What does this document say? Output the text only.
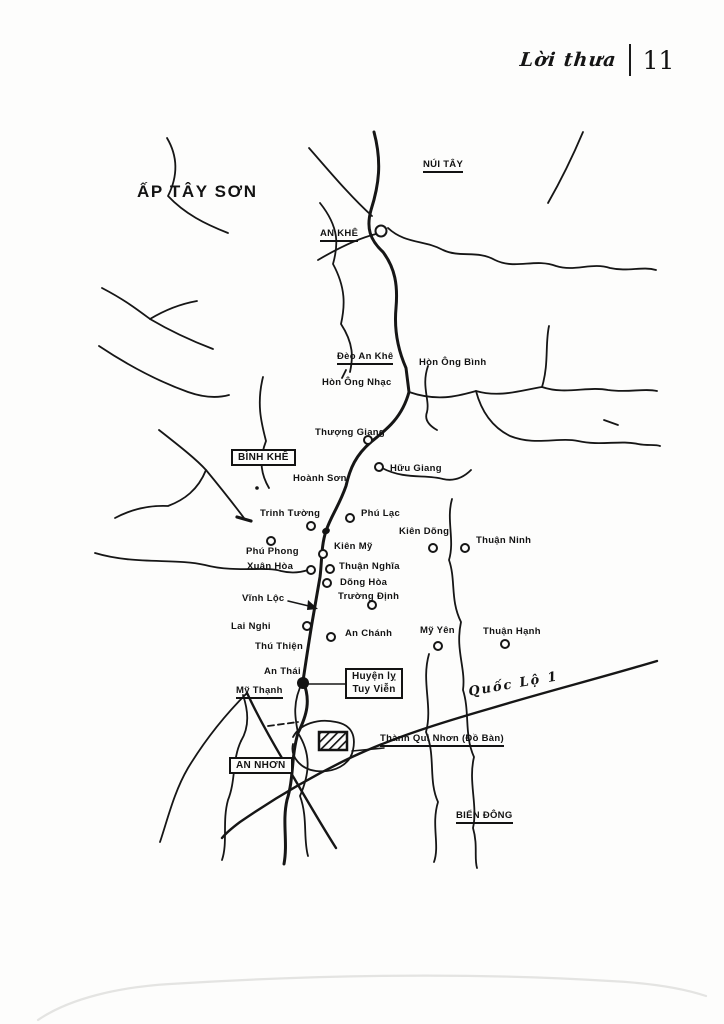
Lời thưa 11
ẤP TÂY SƠN
NÚI TÂY
AN KHÊ
Đèo An Khê
Hòn Ông Bình
Hòn Ông Nhạc
Thượng Giang
BÌNH KHÊ
Hoành Sơn
Hữu Giang
Trinh Tường	Phú Lạc
Phú Phong	Kiên Mỹ
Kiên Dõng
Thuận Ninh
Xuân Hòa	Thuận Nghĩa
Dõng Hòa
Vĩnh Lộc	Trường Định
Lai Nghi
An Chánh	Mỹ Yên	Thuận Hạnh
Thú Thiện
An Thái
Mỹ Thạnh
Huyện lỵ
Tuy Viễn	Quốc Lộ 1
Thành Qui Nhơn (Đồ Bàn)
AN NHƠN
BIỂN ĐÔNG
